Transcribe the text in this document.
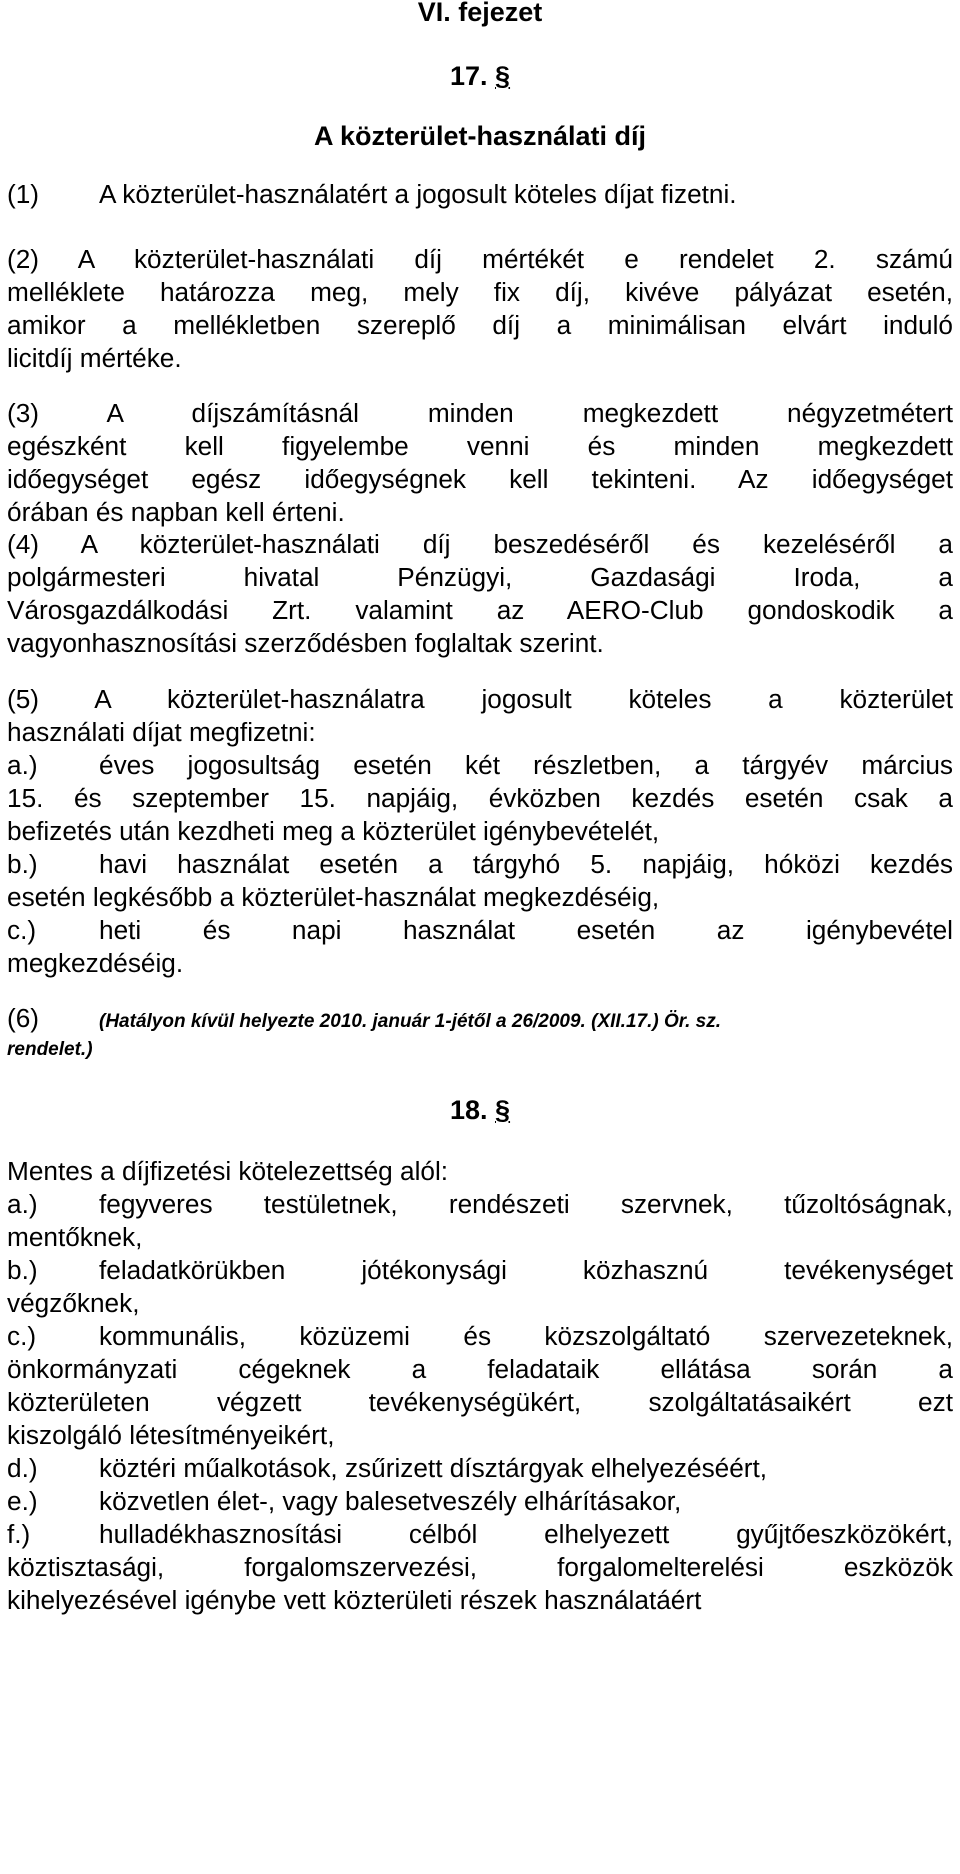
VI. fejezet
17. §
A közterület-használati díj
(1) A közterület-használatért a jogosult köteles díjat fizetni.
(2) A közterület-használati díj mértékét e rendelet 2. számú
melléklete határozza meg, mely fix díj, kivéve pályázat esetén,
amikor a mellékletben szereplő díj a minimálisan elvárt induló
licitdíj mértéke.
(3) A díjszámításnál minden megkezdett négyzetmétert
egészként kell figyelembe venni és minden megkezdett
időegységet egész időegységnek kell tekinteni. Az időegységet
órában és napban kell érteni.
(4) A közterület-használati díj beszedéséről és kezeléséről a
polgármesteri hivatal Pénzügyi, Gazdasági Iroda, a
Városgazdálkodási Zrt. valamint az AERO-Club gondoskodik a
vagyonhasznosítási szerződésben foglaltak szerint.
(5) A közterület-használatra jogosult köteles a közterület
használati díjat megfizetni:
a.) éves jogosultság esetén két részletben, a tárgyév március
15. és szeptember 15. napjáig, évközben kezdés esetén csak a
befizetés után kezdheti meg a közterület igénybevételét,
b.) havi használat esetén a tárgyhó 5. napjáig, hóközi kezdés
esetén legkésőbb a közterület-használat megkezdéséig,
c.) heti és napi használat esetén az igénybevétel
megkezdéséig.
(6)	(Hatályon kívül helyezte 2010. január 1-jétől a 26/2009. (XII.17.) Ör. sz.
rendelet.)
18. §
Mentes a díjfizetési kötelezettség alól:
a.) fegyveres testületnek, rendészeti szervnek, tűzoltóságnak,
mentőknek,
b.) feladatkörükben jótékonysági közhasznú tevékenységet
végzőknek,
c.) kommunális, közüzemi és közszolgáltató szervezeteknek,
önkormányzati cégeknek a feladataik ellátása során a
közterületen végzett tevékenységükért, szolgáltatásaikért ezt
kiszolgáló létesítményeikért,
d.) köztéri műalkotások, zsűrizett dísztárgyak elhelyezéséért,
e.) közvetlen élet-, vagy balesetveszély elhárításakor,
f.)	hulladékhasznosítási célból elhelyezett gyűjtőeszközökért,
köztisztasági, forgalomszervezési, forgalomelterelési eszközök
kihelyezésével igénybe vett közterületi részek használatáért
